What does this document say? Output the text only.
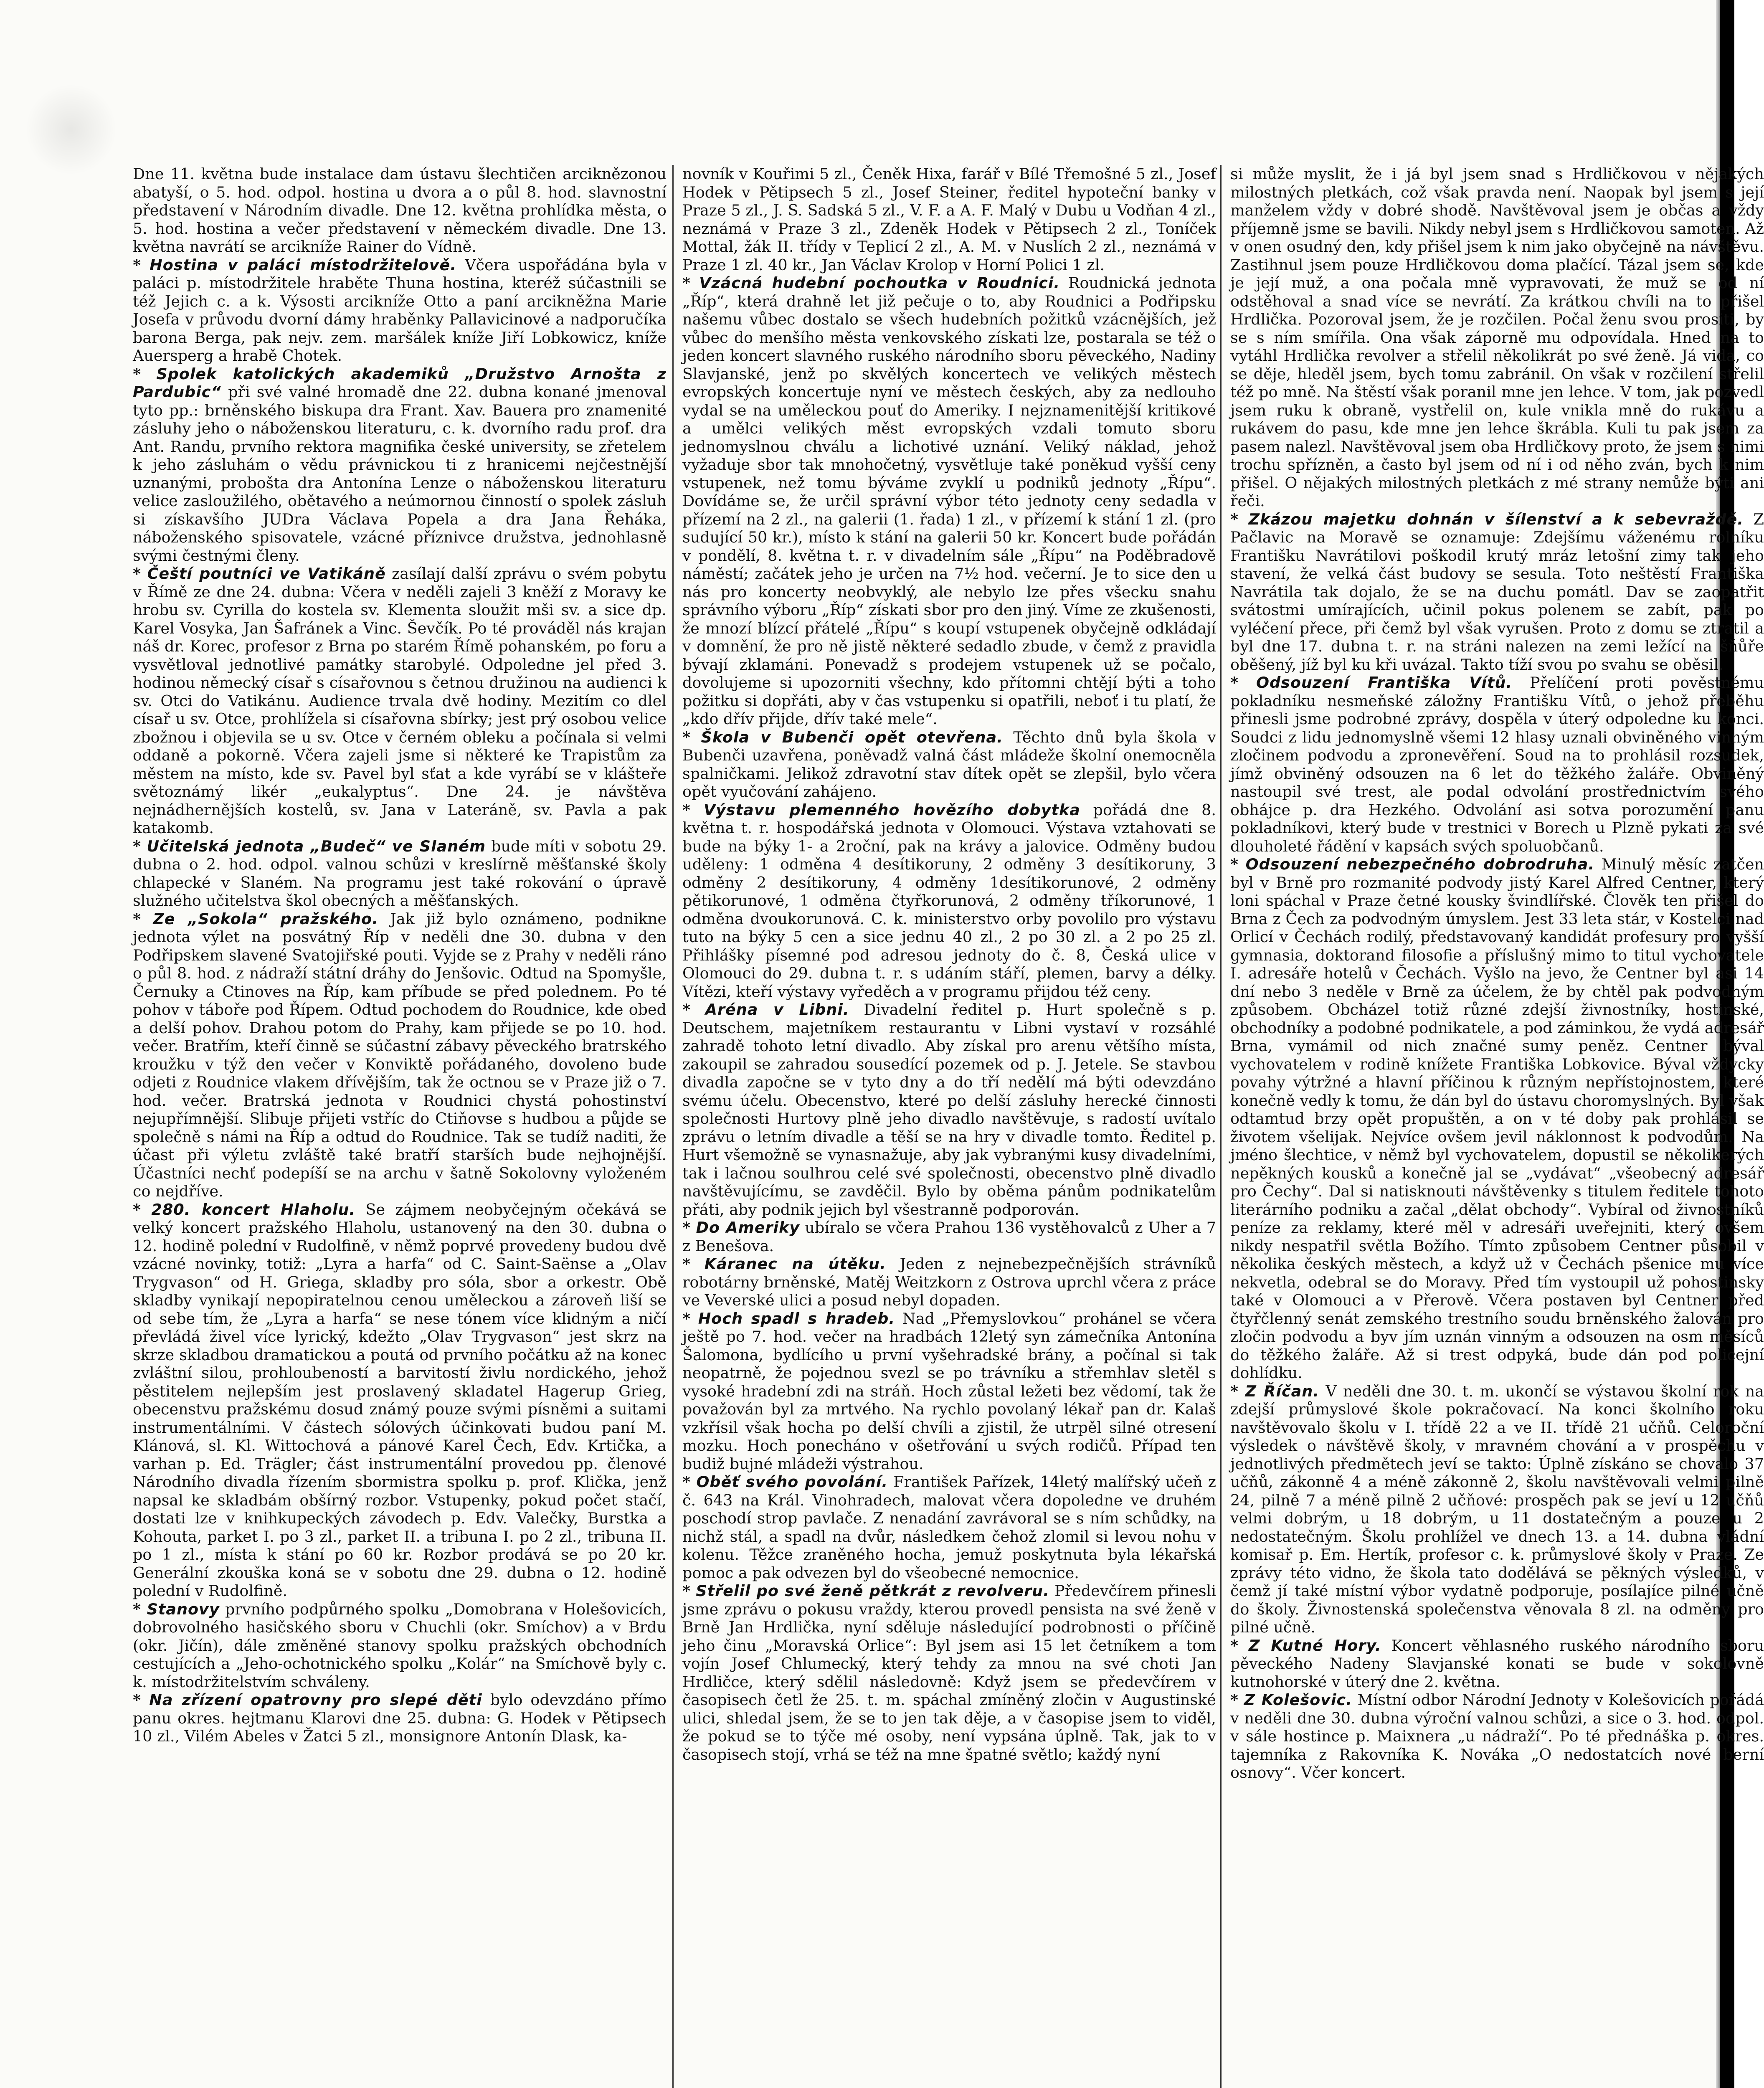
Dne 11. května bude instalace dam ústavu šlechtičen arciknězonou abatyší, o 5. hod. odpol. hostina u dvora a o půl 8. hod. slavnostní představení v Národním divadle. Dne 12. května prohlídka města, o 5. hod. hostina a večer představení v německém divadle. Dne 13. května navrátí se arcikníže Rainer do Vídně.

* Hostina v paláci místodržitelově. Včera uspořádána byla v paláci p. místodržitele hraběte Thuna hostina, kteréž súčastnili se též Jejich c. a k. Výsosti arcikníže Otto a paní arcikněžna Marie Josefa v průvodu dvorní dámy hraběnky Pallavicinové a nadporučíka barona Berga, pak nejv. zem. maršálek kníže Jiří Lobkowicz, kníže Auersperg a hrabě Chotek.

* Spolek katolických akademiků „Družstvo Arnošta z Pardubic“ při své valné hromadě dne 22. dubna konané jmenoval tyto pp.: brněnského biskupa dra Frant. Xav. Bauera pro znamenité zásluhy jeho o náboženskou literaturu, c. k. dvorního radu prof. dra Ant. Randu, prvního rektora magnifika české university, se zřetelem k jeho zásluhám o vědu právnickou ti z hranicemi nejčestnější uznanými, probošta dra Antonína Lenze o náboženskou literaturu velice zasloužilého, obětavého a neúmornou činností o spolek zásluh si získavšího JUDra Václava Popela a dra Jana Řeháka, náboženského spisovatele, vzácné příznivce družstva, jednohlasně svými čestnými členy.

* Čeští poutníci ve Vatikáně zasílají další zprávu o svém pobytu v Římě ze dne 24. dubna: Včera v neděli zajeli 3 kněží z Moravy ke hrobu sv. Cyrilla do kostela sv. Klementa sloužit mši sv. a sice dp. Karel Vosyka, Jan Šafránek a Vinc. Ševčík. Po té prováděl nás krajan náš dr. Korec, profesor z Brna po starém Římě pohanském, po foru a vysvětloval jednotlivé památky starobylé. Odpoledne jel před 3. hodinou německý císař s císařovnou s četnou družinou na audienci k sv. Otci do Vatikánu. Audience trvala dvě hodiny. Mezitím co dlel císař u sv. Otce, prohlížela si císařovna sbírky; jest prý osobou velice zbožnou i objevila se u sv. Otce v černém obleku a počínala si velmi oddaně a pokorně. Včera zajeli jsme si některé ke Trapistům za městem na místo, kde sv. Pavel byl sťat a kde vyrábí se v klášteře světoznámý likér „eukalyptus“. Dne 24. je návštěva nejnádhernějších kostelů, sv. Jana v Lateráně, sv. Pavla a pak katakomb.

* Učitelská jednota „Budeč“ ve Slaném bude míti v sobotu 29. dubna o 2. hod. odpol. valnou schůzi v kreslírně měšťanské školy chlapecké v Slaném. Na programu jest také rokování o úpravě služného učitelstva škol obecných a měšťanských.

* Ze „Sokola“ pražského. Jak již bylo oznámeno, podnikne jednota výlet na posvátný Říp v neděli dne 30. dubna v den Podřipskem slavené Svatojiřské pouti. Vyjde se z Prahy v neděli ráno o půl 8. hod. z nádraží státní dráhy do Jenšovic. Odtud na Spomyšle, Černuky a Ctinoves na Říp, kam příbude se před polednem. Po té pohov v táboře pod Řípem. Odtud pochodem do Roudnice, kde obed a delší pohov. Drahou potom do Prahy, kam přijede se po 10. hod. večer. Bratřím, kteří činně se súčastní zábavy pěveckého bratrského kroužku v týž den večer v Konviktě pořádaného, dovoleno bude odjeti z Roudnice vlakem dřívějším, tak že octnou se v Praze již o 7. hod. večer. Bratrská jednota v Roudnici chystá pohostinství nejupřímnější. Slibuje přijeti vstříc do Ctiňovse s hudbou a půjde se společně s námi na Říp a odtud do Roudnice. Tak se tudíž naditi, že účast při výletu zvláště také bratří starších bude nejhojnější. Účastníci nechť podepíší se na archu v šatně Sokolovny vyloženém co nejdříve.

* 280. koncert Hlaholu. Se zájmem neobyčejným očekává se velký koncert pražského Hlaholu, ustanovený na den 30. dubna o 12. hodině polední v Rudolfině, v němž poprvé provedeny budou dvě vzácné novinky, totiž: „Lyra a harfa“ od C. Saint-Saënse a „Olav Trygvason“ od H. Griega, skladby pro sóla, sbor a orkestr. Obě skladby vynikají nepopiratelnou cenou uměleckou a zároveň liší se od sebe tím, že „Lyra a harfa“ se nese tónem více klidným a ničí převládá živel více lyrický, kdežto „Olav Trygvason“ jest skrz na skrze skladbou dramatickou a poutá od prvního počátku až na konec zvláštní silou, prohloubeností a barvitostí živlu nordického, jehož pěstitelem nejlepším jest proslavený skladatel Hagerup Grieg, obecenstvu pražskému dosud známý pouze svými písněmi a suitami instrumentálními. V částech sólových účinkovati budou paní M. Klánová, sl. Kl. Wittochová a pánové Karel Čech, Edv. Krtička, a varhan p. Ed. Trägler; část instrumentální provedou pp. členové Národního divadla řízením sbormistra spolku p. prof. Klička, jenž napsal ke skladbám obšírný rozbor. Vstupenky, pokud počet stačí, dostati lze v knihkupeckých závodech p. Edv. Valečky, Burstka a Kohouta, parket I. po 3 zl., parket II. a tribuna I. po 2 zl., tribuna II. po 1 zl., místa k stání po 60 kr. Rozbor prodává se po 20 kr. Generální zkouška koná se v sobotu dne 29. dubna o 12. hodině polední v Rudolfině.

* Stanovy prvního podpůrného spolku „Domobrana v Holešovicích, dobrovolného hasičského sboru v Chuchli (okr. Smíchov) a v Brdu (okr. Jičín), dále změněné stanovy spolku pražských obchodních cestujících a „Jeho-ochotnického spolku „Kolár“ na Smíchově byly c. k. místodržitelstvím schváleny.

* Na zřízení opatrovny pro slepé děti bylo odevzdáno přímo panu okres. hejtmanu Klarovi dne 25. dubna: G. Hodek v Pětipsech 10 zl., Vilém Abeles v Žatci 5 zl., monsignore Antonín Dlask, ka-

novník v Kouřimi 5 zl., Čeněk Hixa, farář v Bílé Třemošné 5 zl., Josef Hodek v Pětipsech 5 zl., Josef Steiner, ředitel hypoteční banky v Praze 5 zl., J. S. Sadská 5 zl., V. F. a A. F. Malý v Dubu u Vodňan 4 zl., neznámá v Praze 3 zl., Zdeněk Hodek v Pětipsech 2 zl., Toníček Mottal, žák II. třídy v Teplicí 2 zl., A. M. v Nuslích 2 zl., neznámá v Praze 1 zl. 40 kr., Jan Václav Krolop v Horní Polici 1 zl.

* Vzácná hudební pochoutka v Roudnici. Roudnická jednota „Říp“, která drahně let již pečuje o to, aby Roudnici a Podřipsku našemu vůbec dostalo se všech hudebních požitků vzácnějších, jež vůbec do menšího města venkovského získati lze, postarala se též o jeden koncert slavného ruského národního sboru pěveckého, Nadiny Slavjanské, jenž po skvělých koncertech ve velikých městech evropských koncertuje nyní ve městech českých, aby za nedlouho vydal se na uměleckou pouť do Ameriky. I nejznamenitější kritikové a umělci velikých měst evropských vzdali tomuto sboru jednomyslnou chválu a lichotivé uznání. Veliký náklad, jehož vyžaduje sbor tak mnohočetný, vysvětluje také poněkud vyšší ceny vstupenek, než tomu býváme zvyklí u podniků jednoty „Řípu“. Dovídáme se, že určil správní výbor této jednoty ceny sedadla v přízemí na 2 zl., na galerii (1. řada) 1 zl., v přízemí k stání 1 zl. (pro sudující 50 kr.), místo k stání na galerii 50 kr. Koncert bude pořádán v pondělí, 8. května t. r. v divadelním sále „Řípu“ na Poděbradově náměstí; začátek jeho je určen na 7½ hod. večerní. Je to sice den u nás pro koncerty neobvyklý, ale nebylo lze přes všecku snahu správního výboru „Říp“ získati sbor pro den jiný. Víme ze zkušenosti, že mnozí blízcí přátelé „Řípu“ s koupí vstupenek obyčejně odkládají v domnění, že pro ně jistě některé sedadlo zbude, v čemž z pravidla bývají zklamáni. Ponevadž s prodejem vstupenek už se počalo, dovolujeme si upozorniti všechny, kdo přítomni chtějí býti a toho požitku si dopřáti, aby v čas vstupenku si opatřili, neboť i tu platí, že „kdo dřív přijde, dřív také mele“.

* Škola v Bubenči opět otevřena. Těchto dnů byla škola v Bubenči uzavřena, poněvadž valná část mládeže školní onemocněla spalničkami. Jelikož zdravotní stav dítek opět se zlepšil, bylo včera opět vyučování zahájeno.

* Výstavu plemenného hovězího dobytka pořádá dne 8. května t. r. hospodářská jednota v Olomouci. Výstava vztahovati se bude na býky 1- a 2roční, pak na krávy a jalovice. Odměny budou uděleny: 1 odměna 4 desítikoruny, 2 odměny 3 desítikoruny, 3 odměny 2 desítikoruny, 4 odměny 1desítikorunové, 2 odměny pětikorunové, 1 odměna čtyřkorunová, 2 odměny tříkorunové, 1 odměna dvoukorunová. C. k. ministerstvo orby povolilo pro výstavu tuto na býky 5 cen a sice jednu 40 zl., 2 po 30 zl. a 2 po 25 zl. Přihlášky písemné pod adresou jednoty do č. 8, Česká ulice v Olomouci do 29. dubna t. r. s udáním stáří, plemen, barvy a délky. Vítězi, kteří výstavy vyředěch a v programu přijdou též ceny.

* Aréna v Libni. Divadelní ředitel p. Hurt společně s p. Deutschem, majetníkem restaurantu v Libni vystaví v rozsáhlé zahradě tohoto letní divadlo. Aby získal pro arenu většího místa, zakoupil se zahradou sousedící pozemek od p. J. Jetele. Se stavbou divadla započne se v tyto dny a do tří nedělí má býti odevzdáno svému účelu. Obecenstvo, které po delší zásluhy herecké činnosti společnosti Hurtovy plně jeho divadlo navštěvuje, s radostí uvítalo zprávu o letním divadle a těší se na hry v divadle tomto. Ředitel p. Hurt všemožně se vynasnažuje, aby jak vybranými kusy divadelními, tak i lačnou soulhrou celé své společnosti, obecenstvo plně divadlo navštěvujícímu, se zavděčil. Bylo by oběma pánům podnikatelům přáti, aby podnik jejich byl všestranně podporován.

* Do Ameriky ubíralo se včera Prahou 136 vystěhovalců z Uher a 7 z Benešova.

* Káranec na útěku. Jeden z nejnebezpečnějších strávníků robotárny brněnské, Matěj Weitzkorn z Ostrova uprchl včera z práce ve Veverské ulici a posud nebyl dopaden.

* Hoch spadl s hradeb. Nad „Přemyslovkou“ prohánel se včera ještě po 7. hod. večer na hradbách 12letý syn zámečníka Antonína Šalomona, bydlícího u první vyšehradské brány, a počínal si tak neopatrně, že pojednou svezl se po trávníku a střemhlav sletěl s vysoké hradební zdi na stráň. Hoch zůstal ležeti bez vědomí, tak že považován byl za mrtvého. Na rychlo povolaný lékař pan dr. Kalaš vzkřísil však hocha po delší chvíli a zjistil, že utrpěl silné otresení mozku. Hoch ponecháno v ošetřování u svých rodičů. Případ ten budiž bujné mládeži výstrahou.

* Oběť svého povolání. František Pařízek, 14letý malířský učeň z č. 643 na Král. Vinohradech, malovat včera dopoledne ve druhém poschodí strop pavlače. Z nenadání zavrávoral se s ním schůdky, na nichž stál, a spadl na dvůr, následkem čehož zlomil si levou nohu v kolenu. Těžce zraněného hocha, jemuž poskytnuta byla lékařská pomoc a pak odvezen byl do všeobecné nemocnice.

* Střelil po své ženě pětkrát z revolveru. Předevčírem přinesli jsme zprávu o pokusu vraždy, kterou provedl pensista na své ženě v Brně Jan Hrdlička, nyní sděluje následující podrobnosti o příčině jeho činu „Moravská Orlice“: Byl jsem asi 15 let četníkem a tom vojín Josef Chlumecký, který tehdy za mnou na své choti Jan Hrdličce, který sdělil následovně: Když jsem se předevčírem v časopisech četl že 25. t. m. spáchal zmíněný zločin v Augustinské ulici, shledal jsem, že se to jen tak děje, a v časopise jsem to viděl, že pokud se to týče mé osoby, není vypsána úplně. Tak, jak to v časopisech stojí, vrhá se též na mne špatné světlo; každý nyní

si může myslit, že i já byl jsem snad s Hrdličkovou v nějakých milostných pletkách, což však pravda není. Naopak byl jsem s její manželem vždy v dobré shodě. Navštěvoval jsem je občas a vždy příjemně jsme se bavili. Nikdy nebyl jsem s Hrdličkovou samoten. Až v onen osudný den, kdy přišel jsem k nim jako obyčejně na návštěvu. Zastihnul jsem pouze Hrdličkovou doma plačící. Tázal jsem se, kde je její muž, a ona počala mně vypravovati, že muž se od ní odstěhoval a snad více se nevrátí. Za krátkou chvíli na to přišel Hrdlička. Pozoroval jsem, že je rozčilen. Počal ženu svou prositi, by se s ním smířila. Ona však záporně mu odpovídala. Hned na to vytáhl Hrdlička revolver a střelil několikrát po své ženě. Já vida, co se děje, hleděl jsem, bych tomu zabránil. On však v rozčilení střelil též po mně. Na štěstí však poranil mne jen lehce. V tom, jak pozvedl jsem ruku k obraně, vystřelil on, kule vnikla mně do rukávu a rukávem do pasu, kde mne jen lehce škrábla. Kuli tu pak jsem za pasem nalezl. Navštěvoval jsem oba Hrdličkovy proto, že jsem s nimi trochu spřízněn, a často byl jsem od ní i od něho zván, bych k nim přišel. O nějakých milostných pletkách z mé strany nemůže býti ani řeči.

* Zkázou majetku dohnán v šílenství a k sebevraždě. Z Pačlavic na Moravě se oznamuje: Zdejšímu váženému rolníku Františku Navrátilovi poškodil krutý mráz letošní zimy tak jeho stavení, že velká část budovy se sesula. Toto neštěstí Františka Navrátila tak dojalo, že se na duchu pomátl. Dav se zaopatřit svátostmi umírajících, učinil pokus polenem se zabít, pak po vyléčení přece, při čemž byl však vyrušen. Proto z domu se ztratil a byl dne 17. dubna t. r. na stráni nalezen na zemi ležící na šňůře oběšený, jíž byl ku kři uvázal. Takto tíží svou po svahu se oběsil.

* Odsouzení Františka Vítů. Přelíčení proti pověstnému pokladníku nesmeňské záložny Františku Vítů, o jehož přeběhu přinesli jsme podrobné zprávy, dospěla v úterý odpoledne ku konci. Soudci z lidu jednomyslně všemi 12 hlasy uznali obviněného vinným zločinem podvodu a zpronevěření. Soud na to prohlásil rozsudek, jímž obviněný odsouzen na 6 let do těžkého žaláře. Obviněný nastoupil své trest, ale podal odvolání prostřednictvím svého obhájce p. dra Hezkého. Odvolání asi sotva porozumění panu pokladníkovi, který bude v trestnici v Borech u Plzně pykati za své dlouholeté řádění v kapsách svých spoluobčanů.

* Odsouzení nebezpečného dobrodruha. Minulý měsíc zatčen byl v Brně pro rozmanité podvody jistý Karel Alfred Centner, který loni spáchal v Praze četné kousky švindlířské. Člověk ten přišel do Brna z Čech za podvodným úmyslem. Jest 33 leta stár, v Kostelci nad Orlicí v Čechách rodilý, představovaný kandidát profesury pro vyšší gymnasia, doktorand filosofie a příslušný mimo to titul vychovatele I. adresáře hotelů v Čechách. Vyšlo na jevo, že Centner byl asi 14 dní nebo 3 neděle v Brně za účelem, že by chtěl pak podvodným způsobem. Obcházel totiž různé zdejší živnostníky, hostinské, obchodníky a podobné podnikatele, a pod záminkou, že vydá adresář Brna, vymámil od nich značné sumy peněz. Centner býval vychovatelem v rodině knížete Františka Lobkovice. Býval vždycky povahy výtržné a hlavní příčinou k různým nepřístojnostem, které konečně vedly k tomu, že dán byl do ústavu choromyslných. Byl však odtamtud brzy opět propuštěn, a on v té doby pak prohlásil se životem všelijak. Nejvíce ovšem jevil náklonnost k podvodům. Na jméno šlechtice, v němž byl vychovatelem, dopustil se několikerých nepěkných kousků a konečně jal se „vydávat“ „všeobecný adresář pro Čechy“. Dal si natisknouti návštěvenky s titulem ředitele tohoto literárního podniku a začal „dělat obchody“. Vybíral od živnostníků peníze za reklamy, které měl v adresáři uveřejniti, který ovšem nikdy nespatřil světla Božího. Tímto způsobem Centner působil v několika českých městech, a když už v Čechách pšenice mu více nekvetla, odebral se do Moravy. Před tím vystoupil už pohostinsky také v Olomouci a v Přerově. Včera postaven byl Centner před čtyřčlenný senát zemského trestního soudu brněnského žalován pro zločin podvodu a byv jím uznán vinným a odsouzen na osm měsíců do těžkého žaláře. Až si trest odpyká, bude dán pod policejní dohlídku.

* Z Říčan. V neděli dne 30. t. m. ukončí se výstavou školní rok na zdejší průmyslové škole pokračovací. Na konci školního roku navštěvovalo školu v I. třídě 22 a ve II. třídě 21 učňů. Celoroční výsledek o návštěvě školy, v mravném chování a v prospěchu v jednotlivých předmětech jeví se takto: Úplně získáno se chovalo 37 učňů, zákonně 4 a méně zákonně 2, školu navštěvovali velmi pilně 24, pilně 7 a méně pilně 2 učňové: prospěch pak se jeví u 12 učňů velmi dobrým, u 18 dobrým, u 11 dostatečným a pouze u 2 nedostatečným. Školu prohlížel ve dnech 13. a 14. dubna vládní komisař p. Em. Hertík, profesor c. k. průmyslové školy v Praze. Ze zprávy této vidno, že škola tato dodělává se pěkných výsledků, v čemž jí také místní výbor vydatně podporuje, posílajíce pilné učně do školy. Živnostenská společenstva věnovala 8 zl. na odměny pro pilné učně.

* Z Kutné Hory. Koncert věhlasného ruského národního sboru pěveckého Nadeny Slavjanské konati se bude v sokolovně kutnohorské v úterý dne 2. května.

* Z Kolešovic. Místní odbor Národní Jednoty v Kolešovicích pořádá v neděli dne 30. dubna výroční valnou schůzi, a sice o 3. hod. odpol. v sále hostince p. Maixnera „u nádraží“. Po té přednáška p. okres. tajemníka z Rakovníka K. Nováka „O nedostatcích nové berní osnovy“. Včer koncert.
